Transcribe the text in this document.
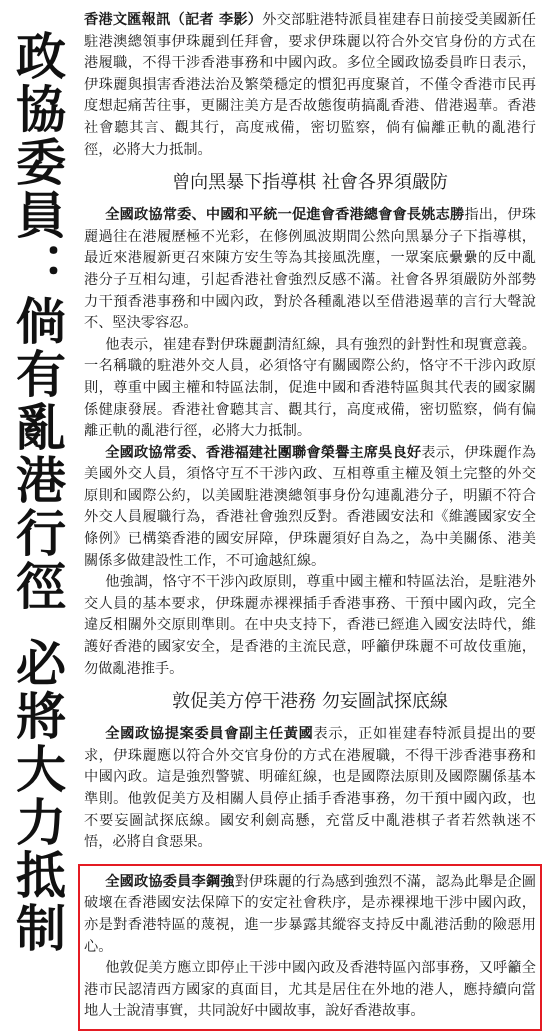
政協委員：倘有亂港行徑
必將大力抵制

香港文匯報訊（記者 李影）外交部駐港特派員崔建春日前接受美國新任駐港澳總領事伊珠麗到任拜會，要求伊珠麗以符合外交官身份的方式在港履職，不得干涉香港事務和中國內政。多位全國政協委員昨日表示，伊珠麗與損害香港法治及繁榮穩定的慣犯再度聚首，不僅令香港市民再度想起痛苦往事，更關注美方是否故態復萌搞亂香港、借港遏華。香港社會聽其言、觀其行，高度戒備，密切監察，倘有偏離正軌的亂港行徑，必將大力抵制。

曾向黑暴下指導棋 社會各界須嚴防

全國政協常委、中國和平統一促進會香港總會會長姚志勝指出，伊珠麗過往在港履歷極不光彩，在修例風波期間公然向黑暴分子下指導棋，最近來港履新更召來陳方安生等為其接風洗塵，一眾案底纍纍的反中亂港分子互相勾連，引起香港社會強烈反感不滿。社會各界須嚴防外部勢力干預香港事務和中國內政，對於各種亂港以至借港遏華的言行大聲說不、堅決零容忍。

他表示，崔建春對伊珠麗劃清紅線，具有強烈的針對性和現實意義。一名稱職的駐港外交人員，必須恪守有關國際公約，恪守不干涉內政原則，尊重中國主權和特區法制，促進中國和香港特區與其代表的國家關係健康發展。香港社會聽其言、觀其行，高度戒備，密切監察，倘有偏離正軌的亂港行徑，必將大力抵制。

全國政協常委、香港福建社團聯會榮譽主席吳良好表示，伊珠麗作為美國外交人員，須恪守互不干涉內政、互相尊重主權及領土完整的外交原則和國際公約，以美國駐港澳總領事身份勾連亂港分子，明顯不符合外交人員履職行為，香港社會強烈反對。香港國安法和《維護國家安全條例》已構築香港的國安屏障，伊珠麗須好自為之，為中美關係、港美關係多做建設性工作，不可逾越紅線。

他強調，恪守不干涉內政原則，尊重中國主權和特區法治，是駐港外交人員的基本要求，伊珠麗赤裸裸插手香港事務、干預中國內政，完全違反相關外交原則準則。在中央支持下，香港已經進入國安法時代，維護好香港的國家安全，是香港的主流民意，呼籲伊珠麗不可故伎重施，勿做亂港推手。

敦促美方停干港務 勿妄圖試探底線

全國政協提案委員會副主任黃國表示，正如崔建春特派員提出的要求，伊珠麗應以符合外交官身份的方式在港履職，不得干涉香港事務和中國內政。這是強烈警號、明確紅線，也是國際法原則及國際關係基本準則。他敦促美方及相關人員停止插手香港事務，勿干預中國內政，也不要妄圖試探底線。國安利劍高懸，充當反中亂港棋子者若然執迷不悟，必將自食惡果。

全國政協委員李鋼強對伊珠麗的行為感到強烈不滿，認為此舉是企圖破壞在香港國安法保障下的安定社會秩序，是赤裸裸地干涉中國內政，亦是對香港特區的蔑視，進一步暴露其縱容支持反中亂港活動的險惡用心。

他敦促美方應立即停止干涉中國內政及香港特區內部事務，又呼籲全港市民認清西方國家的真面目，尤其是居住在外地的港人，應持續向當地人士說清事實，共同說好中國故事，說好香港故事。
